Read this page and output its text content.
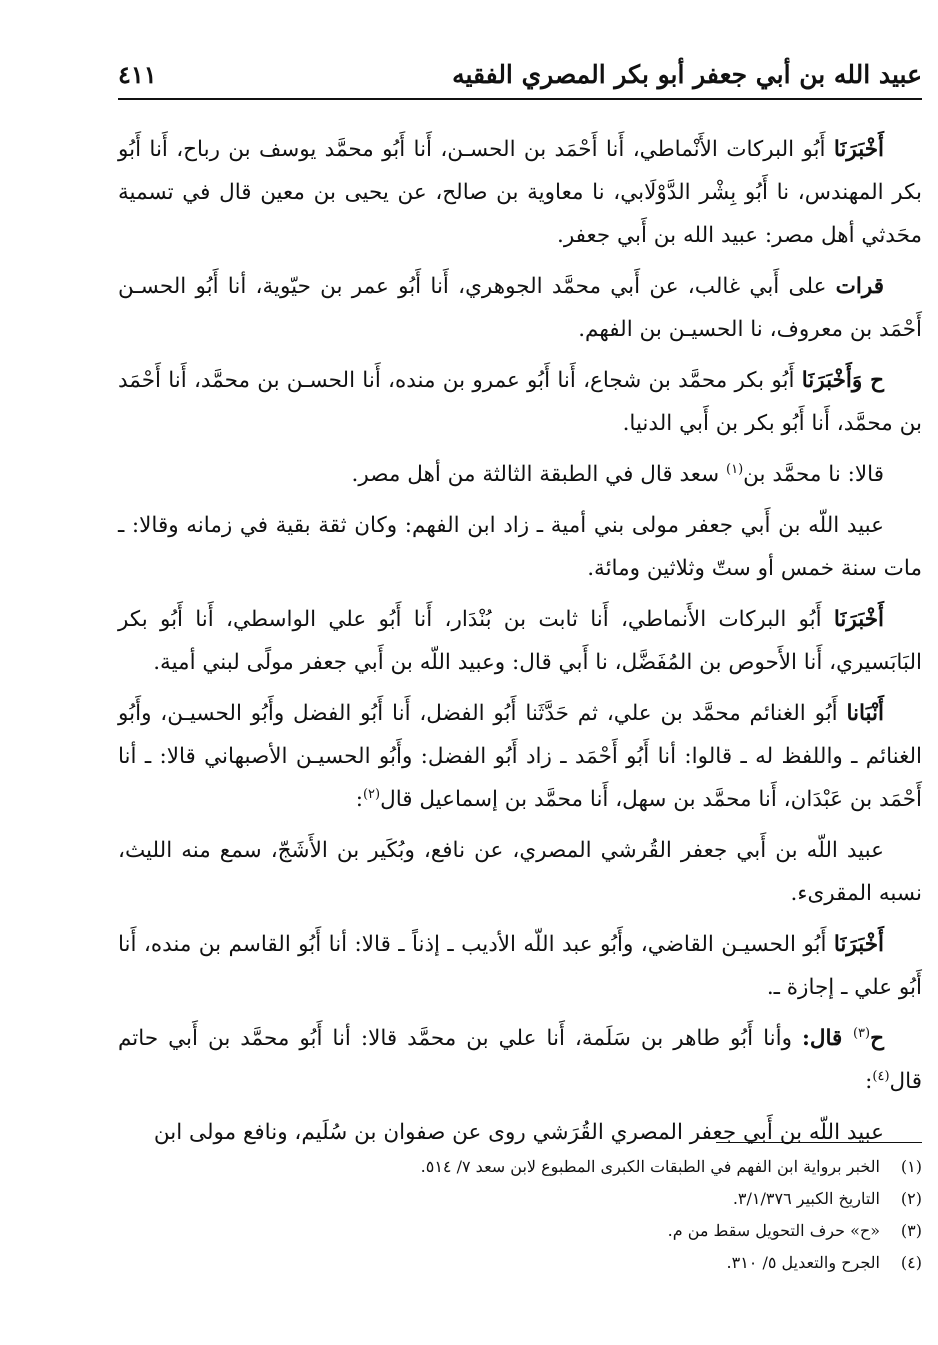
عبيد الله بن أبي جعفر أبو بكر المصري الفقيه
٤١١

أَخْبَرَنَا أَبُو البركات الأَنْماطي، أَنا أَحْمَد بن الحسـن، أَنا أَبُو محمَّد يوسف بن رباح، أَنا أَبُو بكر المهندس، نا أَبُو بِشْر الدَّوْلَابي، نا معاوية بن صالح، عن يحيى بن معين قال في تسمية محَدثي أهل مصر: عبيد الله بن أَبي جعفر.

قرات على أَبي غالب، عن أَبي محمَّد الجوهري، أَنا أَبُو عمر بن حيّوية، أنا أَبُو الحسـن أَحْمَد بن معروف، نا الحسيـن بن الفهم.

ح وَأَخْبَرَنَا أَبُو بكر محمَّد بن شجاع، أَنا أَبُو عمرو بن منده، أَنا الحسـن بن محمَّد، أَنا أَحْمَد بن محمَّد، أَنا أَبُو بكر بن أَبي الدنيا.

قالا: نا محمَّد بن$^{(١)}$ سعد قال في الطبقة الثالثة من أهل مصر.

عبيد اللّه بن أَبي جعفر مولى بني أمية ـ زاد ابن الفهم: وكان ثقة بقية في زمانه وقالا: ـ مات سنة خمس أو ستّ وثلاثين ومائة.

أَخْبَرَنَا أَبُو البركات الأَنماطي، أَنا ثابت بن بُنْدَار، أَنا أَبُو علي الواسطي، أَنا أَبُو بكر البَابَسيري، أَنا الأَحوص بن المُفَضَّل، نا أَبي قال: وعبيد اللّه بن أَبي جعفر مولًى لبني أمية.

أَنْبَانا أَبُو الغنائم محمَّد بن علي، ثم حَدَّثَنا أَبُو الفضل، أَنا أَبُو الفضل وأَبُو الحسيـن، وأَبُو الغنائم ـ واللفظ له ـ قالوا: أنا أَبُو أَحْمَد ـ زاد أَبُو الفضل: وأَبُو الحسيـن الأصبهاني قالا: ـ أنا أَحْمَد بن عَبْدَان، أَنا محمَّد بن سهل، أَنا محمَّد بن إسماعيل قال$^{(٢)}$:

عبيد اللّه بن أَبي جعفر القُرشي المصري، عن نافع، وبُكَير بن الأَشَجّ، سمع منه الليث، نسبه المقرىء.

أَخْبَرَنَا أَبُو الحسيـن القاضي، وأَبُو عبد اللّه الأديب ـ إذناً ـ قالا: أنا أَبُو القاسم بن منده، أَنا أَبُو علي ـ إجازة ـ.

ح$^{(٣)}$ قال: وأنا أَبُو طاهر بن سَلَمة، أَنا علي بن محمَّد قالا: أنا أَبُو محمَّد بن أَبي حاتم قال$^{(٤)}$:

عبيد اللّه بن أَبي جعفر المصري القُرَشي روى عن صفوان بن سُلَيم، ونافع مولى ابن

(١)
الخبر برواية ابن الفهم في الطبقات الكبرى المطبوع لابن سعد ٧/ ٥١٤.
(٢)
التاريخ الكبير ٣/١/٣٧٦.
(٣)
«ح» حرف التحويل سقط من م.
(٤)
الجرح والتعديل ٥/ ٣١٠.
